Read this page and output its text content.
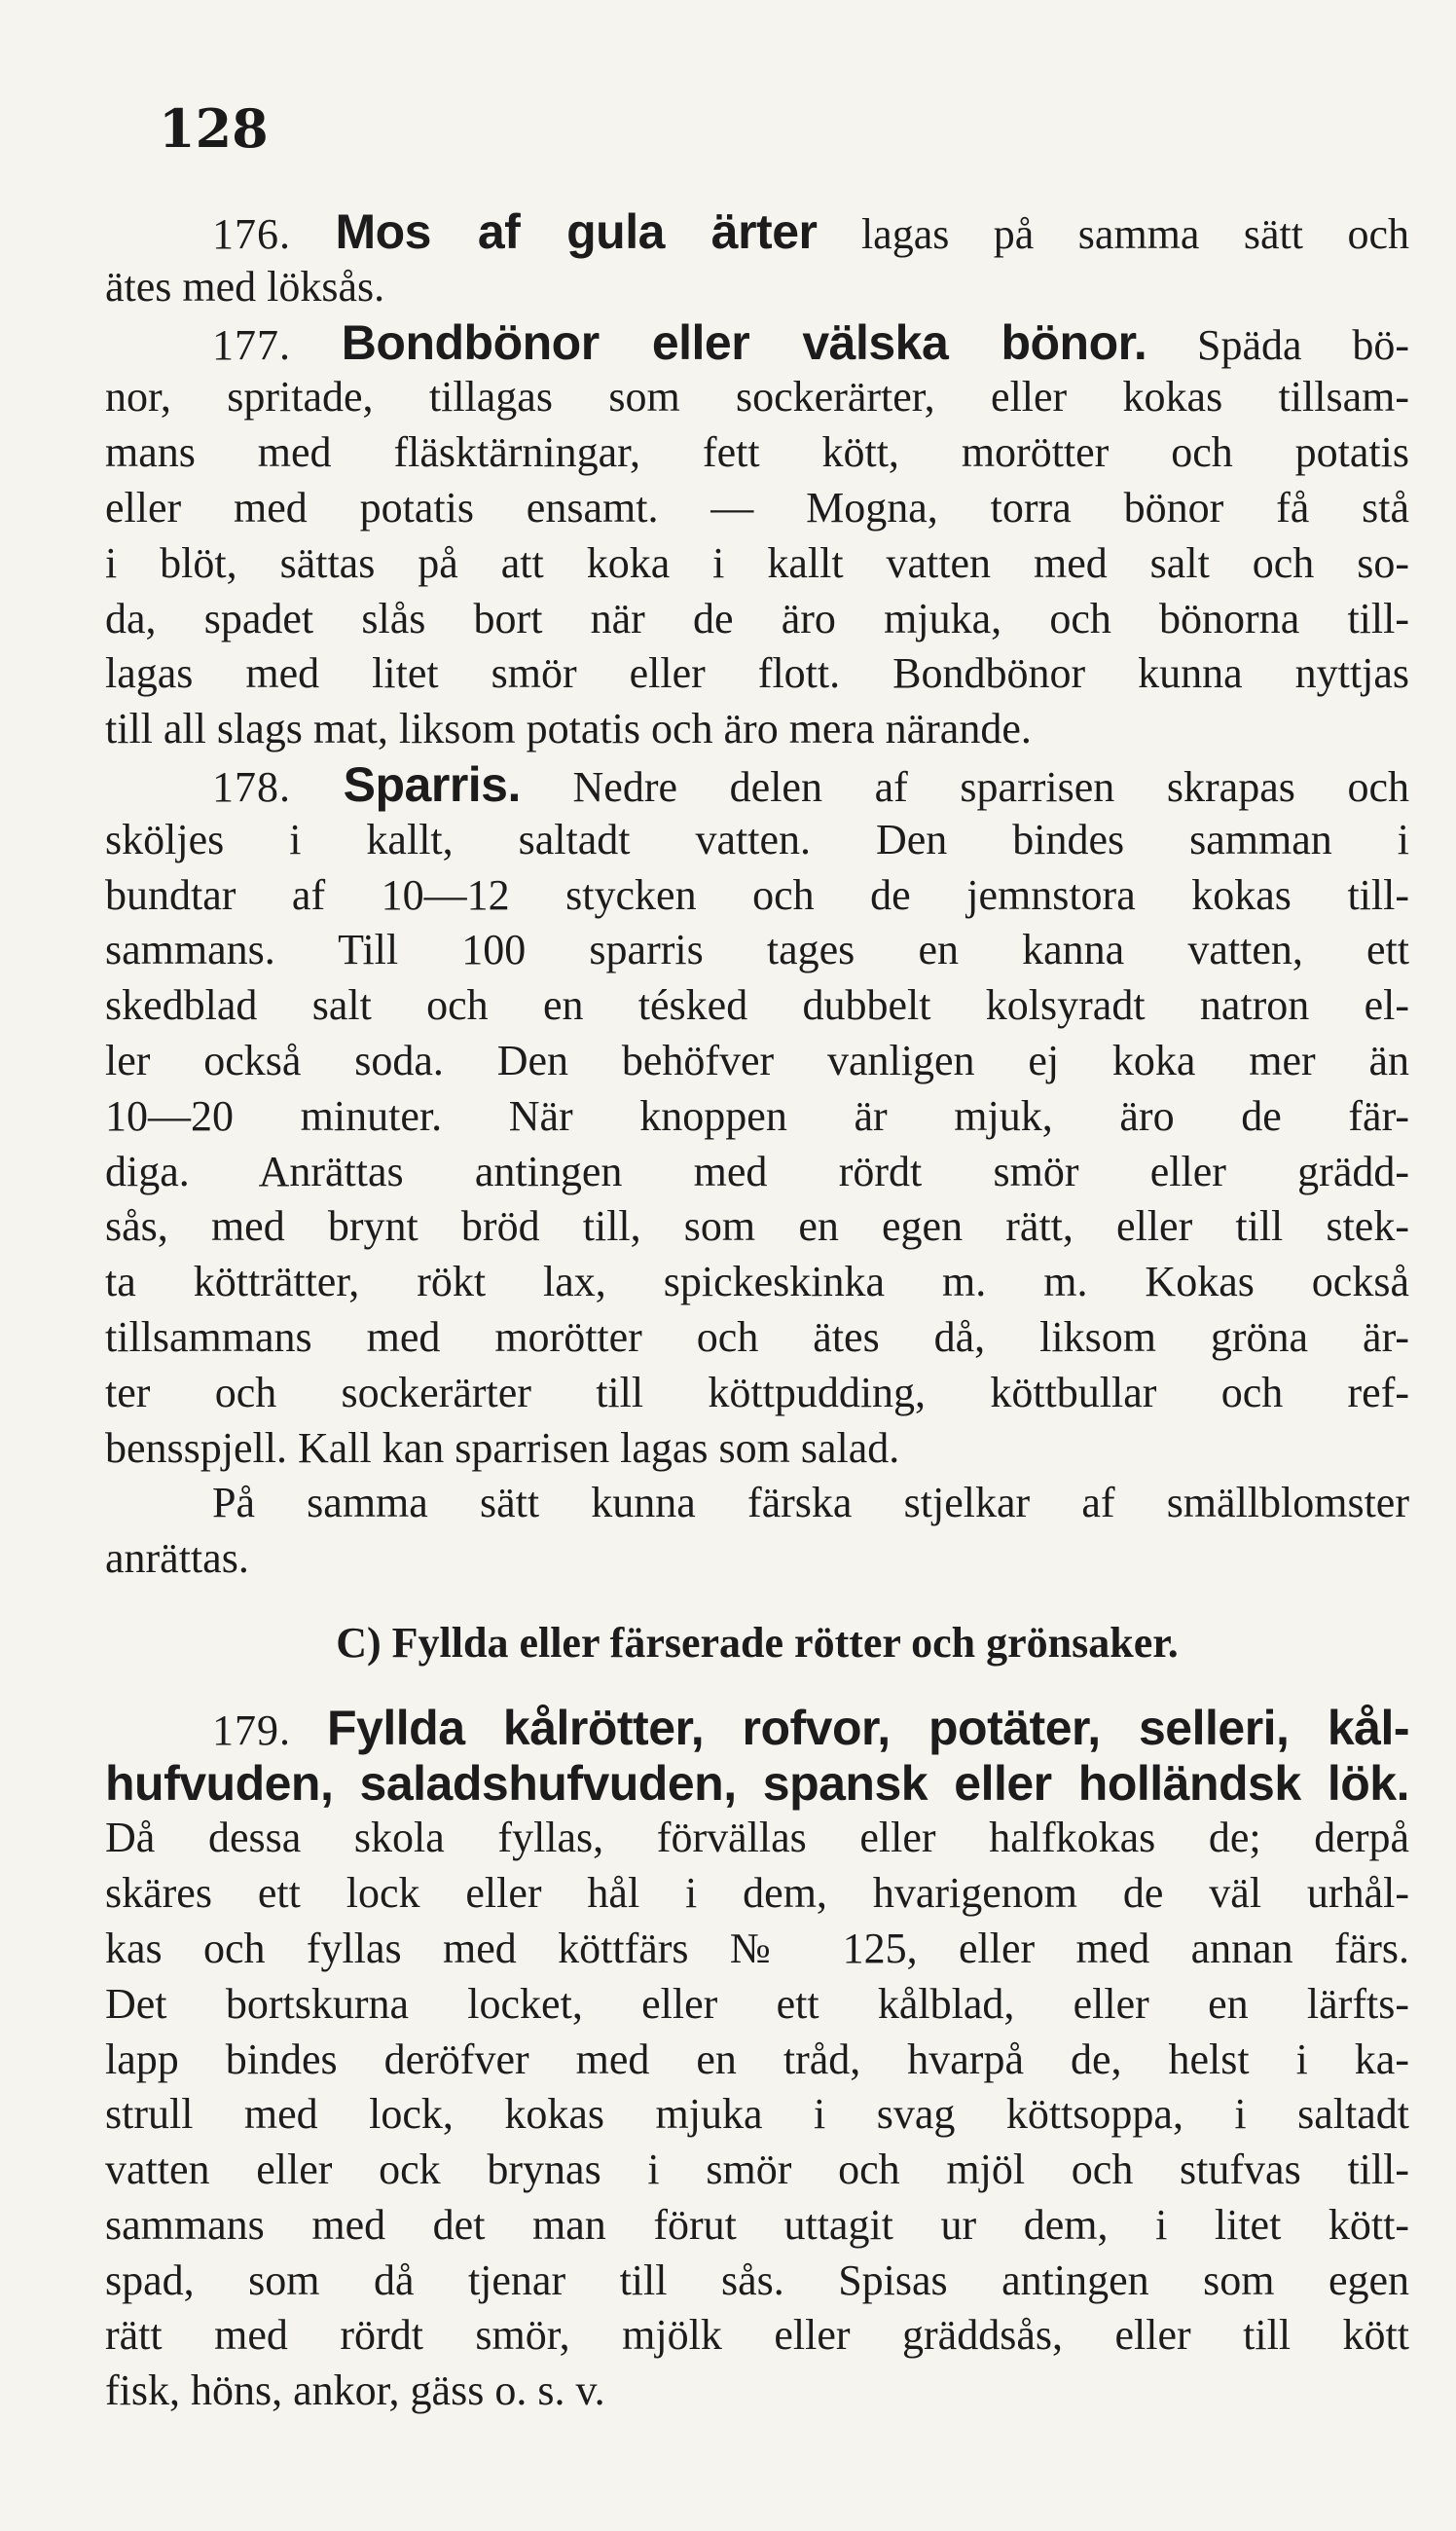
128
176. Mos af gula ärter lagas på samma sätt och
ätes med löksås.
177. Bondbönor eller välska bönor. Späda bö-
nor, spritade, tillagas som sockerärter, eller kokas tillsam-
mans med fläsktärningar, fett kött, morötter och potatis
eller med potatis ensamt. — Mogna, torra bönor få stå
i blöt, sättas på att koka i kallt vatten med salt och so-
da, spadet slås bort när de äro mjuka, och bönorna till-
lagas med litet smör eller flott. Bondbönor kunna nyttjas
till all slags mat, liksom potatis och äro mera närande.
178. Sparris. Nedre delen af sparrisen skrapas och
sköljes i kallt, saltadt vatten. Den bindes samman i
bundtar af 10—12 stycken och de jemnstora kokas till-
sammans. Till 100 sparris tages en kanna vatten, ett
skedblad salt och en tésked dubbelt kolsyradt natron el-
ler också soda. Den behöfver vanligen ej koka mer än
10—20 minuter. När knoppen är mjuk, äro de fär-
diga. Anrättas antingen med rördt smör eller grädd-
sås, med brynt bröd till, som en egen rätt, eller till stek-
ta kötträtter, rökt lax, spickeskinka m. m. Kokas också
tillsammans med morötter och ätes då, liksom gröna är-
ter och sockerärter till köttpudding, köttbullar och ref-
bensspjell. Kall kan sparrisen lagas som salad.
På samma sätt kunna färska stjelkar af smällblomster
anrättas.
C) Fyllda eller färserade rötter och grönsaker.
179. Fyllda kålrötter, rofvor, potäter, selleri, kål-
hufvuden, saladshufvuden, spansk eller holländsk lök.
Då dessa skola fyllas, förvällas eller halfkokas de; derpå
skäres ett lock eller hål i dem, hvarigenom de väl urhål-
kas och fyllas med köttfärs № 125, eller med annan färs.
Det bortskurna locket, eller ett kålblad, eller en lärfts-
lapp bindes deröfver med en tråd, hvarpå de, helst i ka-
strull med lock, kokas mjuka i svag köttsoppa, i saltadt
vatten eller ock brynas i smör och mjöl och stufvas till-
sammans med det man förut uttagit ur dem, i litet kött-
spad, som då tjenar till sås. Spisas antingen som egen
rätt med rördt smör, mjölk eller gräddsås, eller till kött
fisk, höns, ankor, gäss o. s. v.
